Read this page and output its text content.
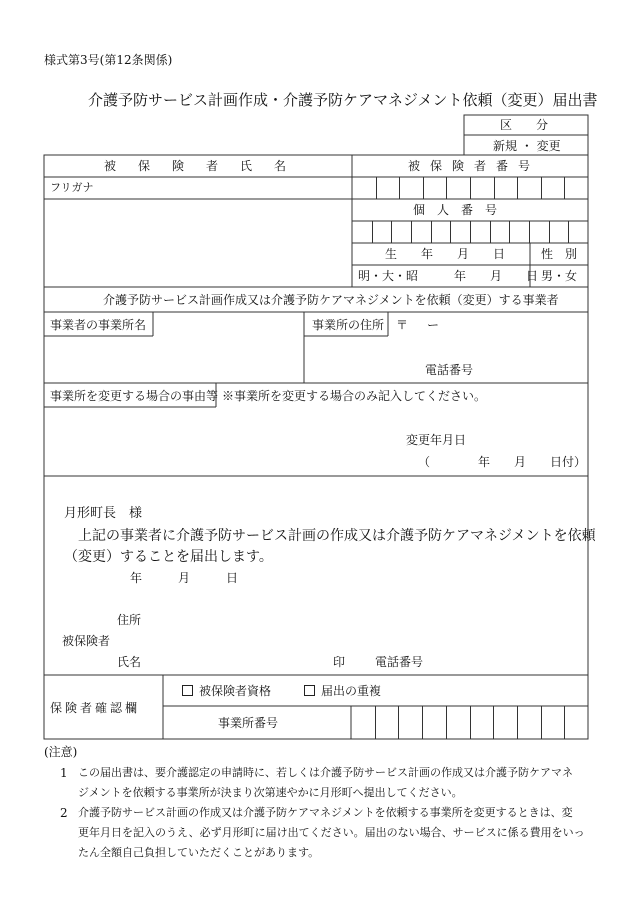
様式第3号(第12条関係)
介護予防サービス計画作成・介護予防ケアマネジメント依頼（変更）届出書
区　　分
新規 ・ 変更
被保険者氏名	被保険者番号
フリガナ
個　人　番　号
生　　年　　月　　日	性　別
明・大・昭　　　年　　月　　日 男・女
介護予防サービス計画作成又は介護予防ケアマネジメントを依頼（変更）する事業者
事業者の事業所名	事業所の住所 〒 ー
電話番号
事業所を変更する場合の事由等 ※事業所を変更する場合のみ記入してください。
変更年月日
（　　　　年　　月　　日付）
月形町長　様
上記の事業者に介護予防サービス計画の作成又は介護予防ケアマネジメントを依頼
（変更）することを届出します。
年　　　月　　　日
住所
被保険者
氏名	印 電話番号
保険者確認欄
被保険者資格	届出の重複
事業所番号
(注意)
1 この届出書は、要介護認定の申請時に、若しくは介護予防サービス計画の作成又は介護予防ケアマネ
ジメントを依頼する事業所が決まり次第速やかに月形町へ提出してください。
2 介護予防サービス計画の作成又は介護予防ケアマネジメントを依頼する事業所を変更するときは、変
更年月日を記入のうえ、必ず月形町に届け出てください。届出のない場合、サービスに係る費用をいっ
たん全額自己負担していただくことがあります。
